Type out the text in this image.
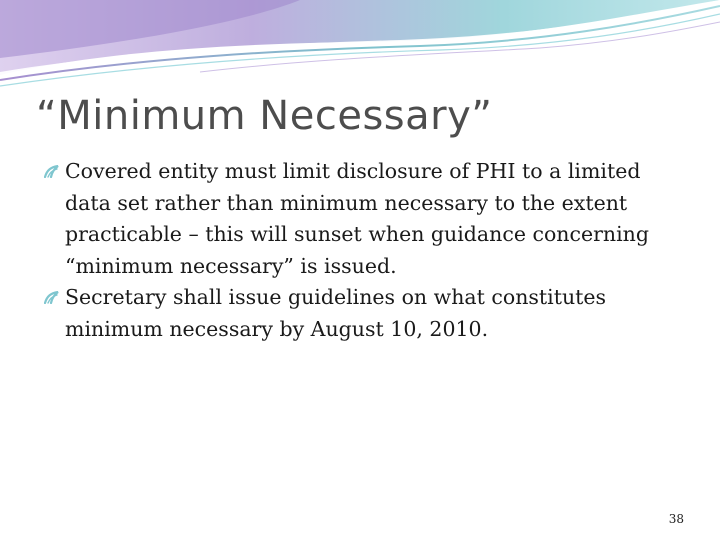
“Minimum Necessary”
Covered entity must limit disclosure of PHI to a limited data set rather than minimum necessary to the extent practicable – this will sunset when guidance concerning “minimum necessary” is issued.
Secretary shall issue guidelines on what constitutes minimum necessary by August 10, 2010.
38
